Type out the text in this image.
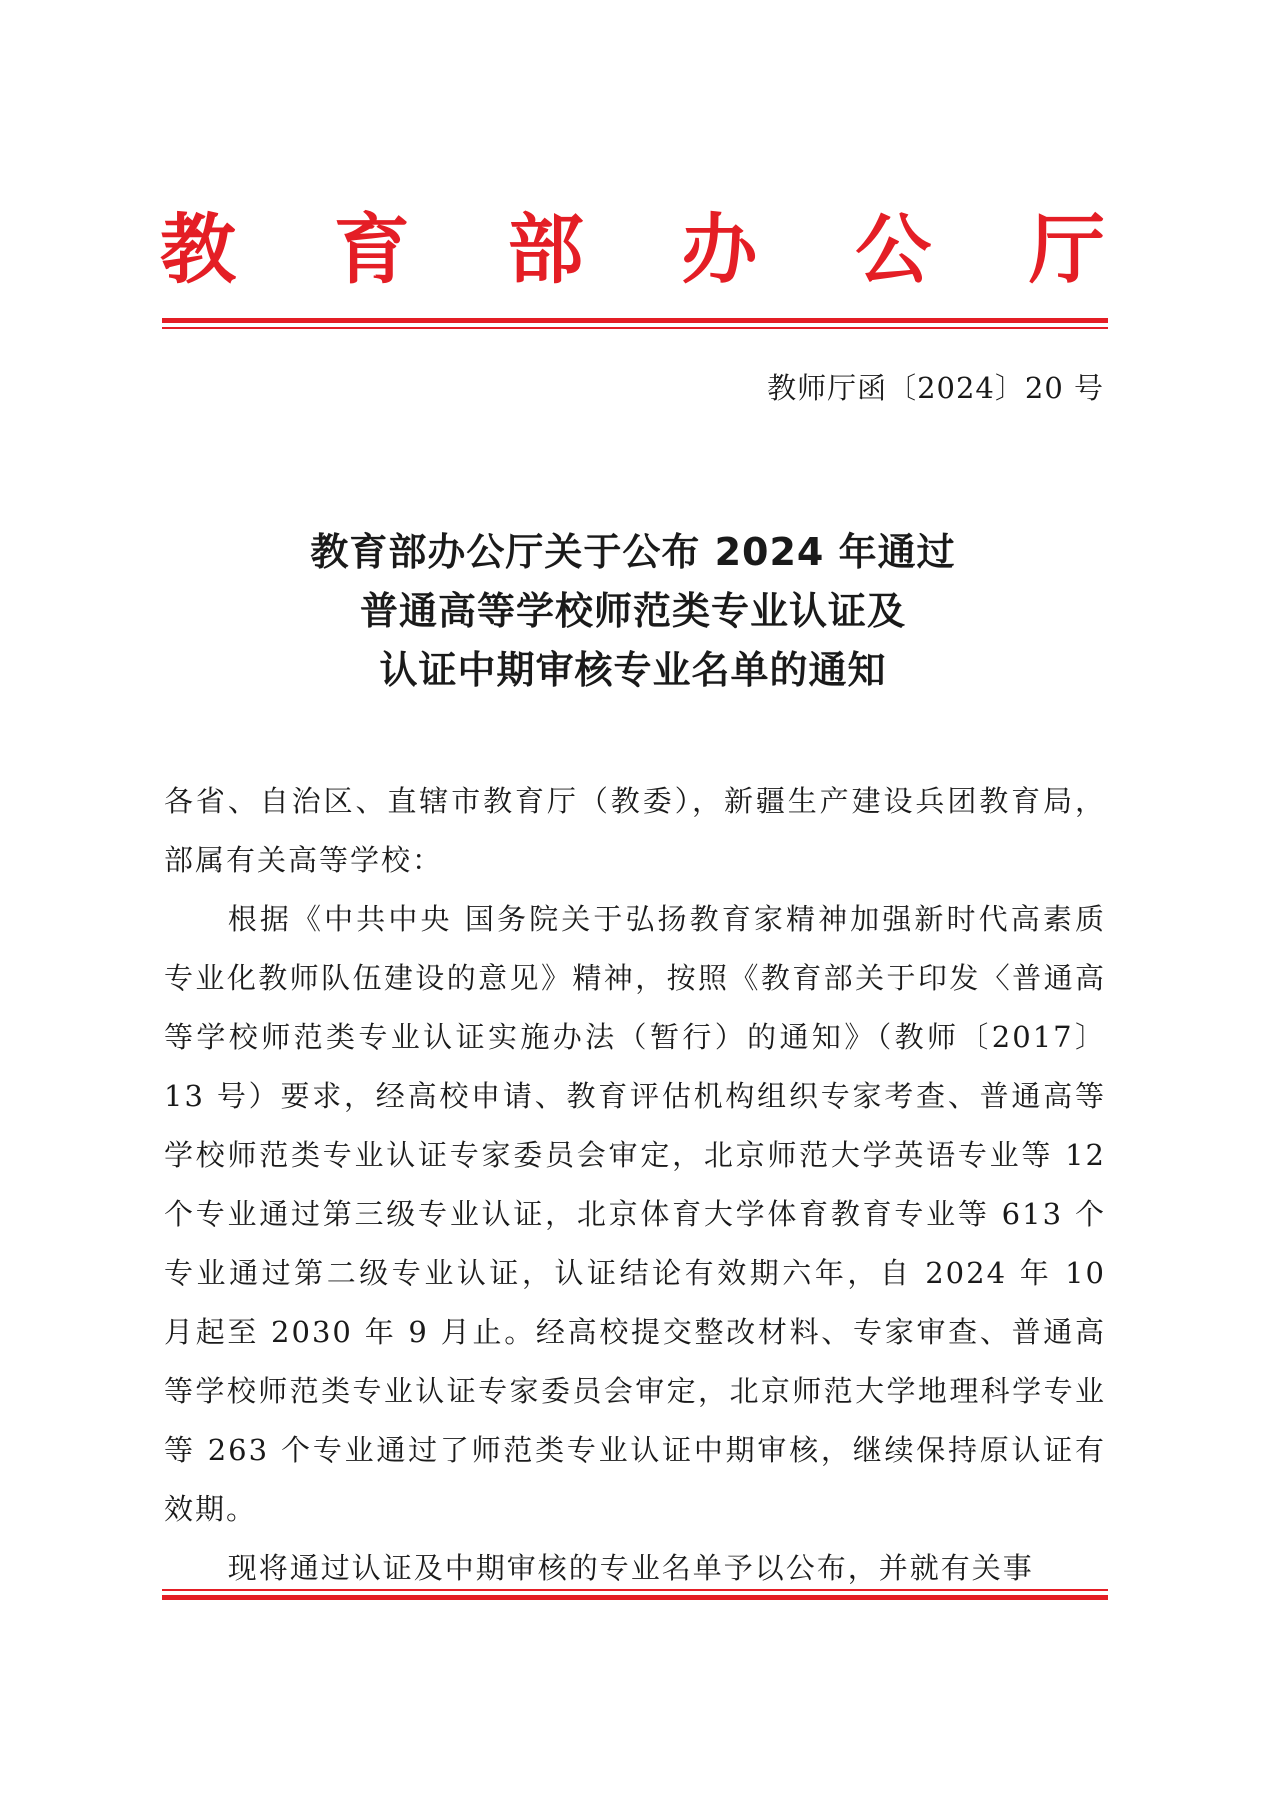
教 育 部 办 公 厅
教师厅函〔2024〕20 号
教育部办公厅关于公布 2024 年通过
普通高等学校师范类专业认证及
认证中期审核专业名单的通知

各省、自治区、直辖市教育厅（教委），新疆生产建设兵团教育局，部属有关高等学校：

根据《中共中央 国务院关于弘扬教育家精神加强新时代高素质专业化教师队伍建设的意见》精神，按照《教育部关于印发〈普通高等学校师范类专业认证实施办法（暂行）的通知》（教师〔2017〕13 号）要求，经高校申请、教育评估机构组织专家考查、普通高等学校师范类专业认证专家委员会审定，北京师范大学英语专业等 12 个专业通过第三级专业认证，北京体育大学体育教育专业等 613 个专业通过第二级专业认证，认证结论有效期六年，自 2024 年 10 月起至 2030 年 9 月止。经高校提交整改材料、专家审查、普通高等学校师范类专业认证专家委员会审定，北京师范大学地理科学专业等 263 个专业通过了师范类专业认证中期审核，继续保持原认证有效期。

现将通过认证及中期审核的专业名单予以公布，并就有关事
